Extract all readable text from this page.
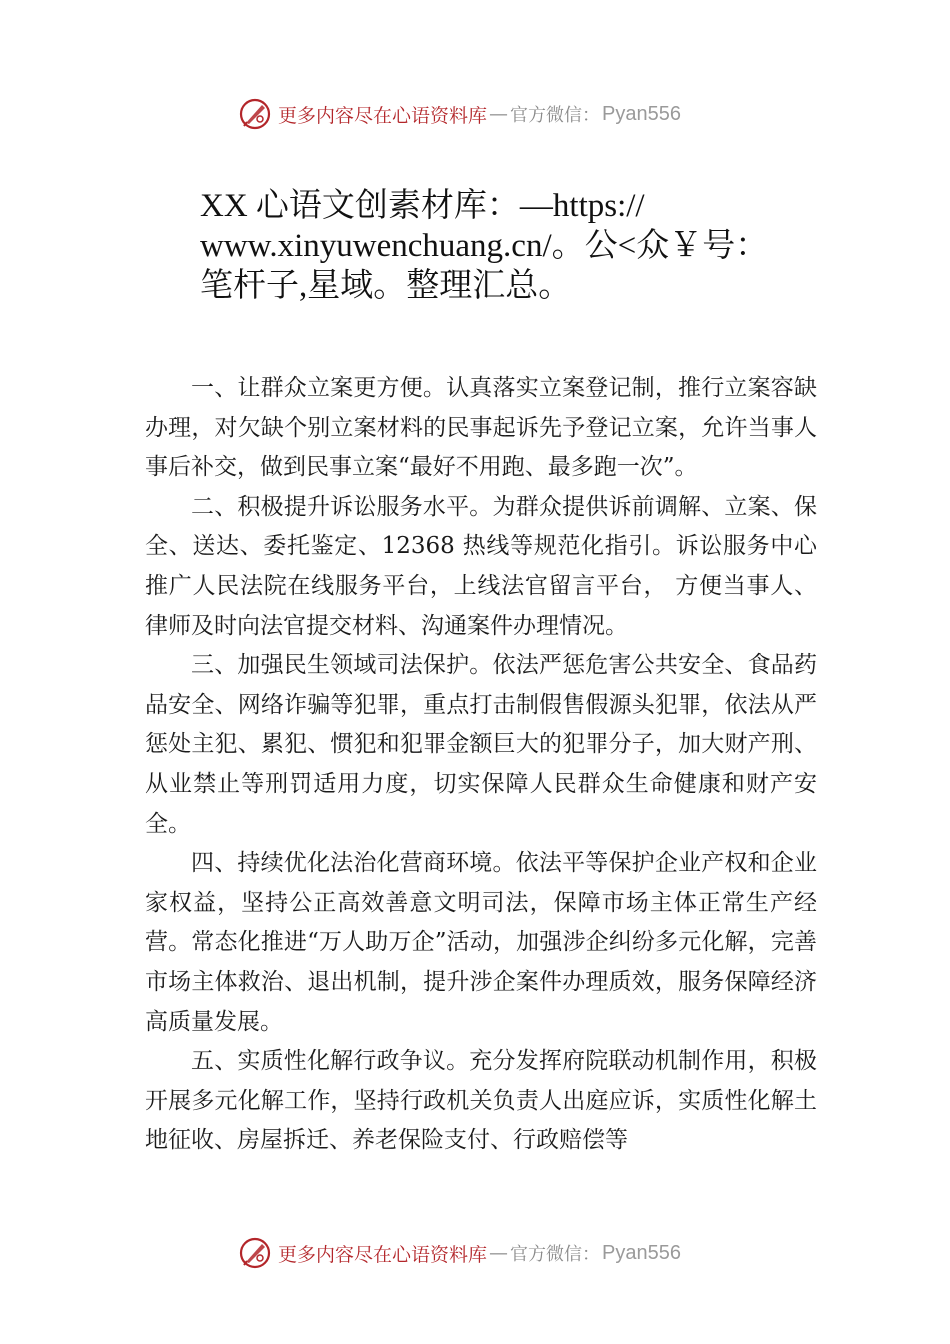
更多内容尽在心语资料库 — 官方微信： Pyan556
XX 心语文创素材库：—https://
www.xinyuwenchuang.cn/。公<众￥号：
笔杆子,星域。整理汇总。

一、让群众立案更方便。认真落实立案登记制，推行立案容缺办理，对欠缺个别立案材料的民事起诉先予登记立案，允许当事人事后补交，做到民事立案“最好不用跑、最多跑一次”。

二、积极提升诉讼服务水平。为群众提供诉前调解、立案、保全、送达、委托鉴定、12368 热线等规范化指引。诉讼服务中心推广人民法院在线服务平台，上线法官留言平台， 方便当事人、律师及时向法官提交材料、沟通案件办理情况。

三、加强民生领域司法保护。依法严惩危害公共安全、食品药品安全、网络诈骗等犯罪，重点打击制假售假源头犯罪，依法从严惩处主犯、累犯、惯犯和犯罪金额巨大的犯罪分子，加大财产刑、从业禁止等刑罚适用力度，切实保障人民群众生命健康和财产安全。

四、持续优化法治化营商环境。依法平等保护企业产权和企业家权益，坚持公正高效善意文明司法，保障市场主体正常生产经营。常态化推进“万人助万企”活动，加强涉企纠纷多元化解，完善市场主体救治、退出机制，提升涉企案件办理质效，服务保障经济高质量发展。

五、实质性化解行政争议。充分发挥府院联动机制作用，积极开展多元化解工作，坚持行政机关负责人出庭应诉，实质性化解土地征收、房屋拆迁、养老保险支付、行政赔偿等

更多内容尽在心语资料库 — 官方微信： Pyan556
